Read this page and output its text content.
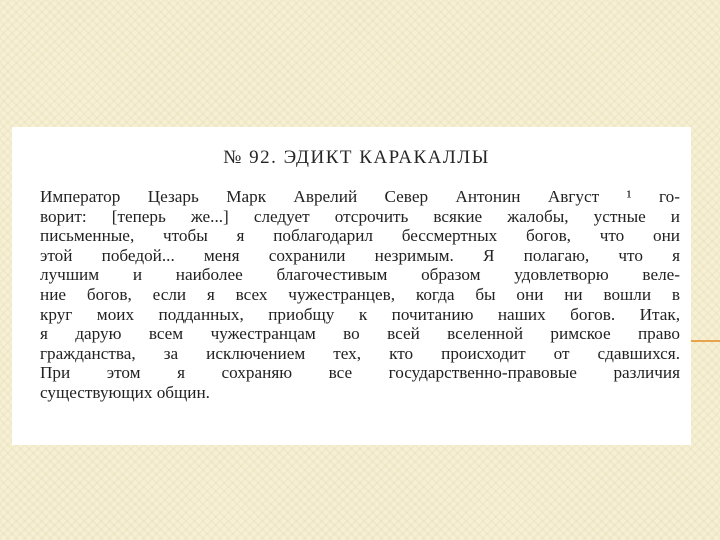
№ 92. ЭДИКТ КАРАКАЛЛЫ
Император Цезарь Марк Аврелий Север Антонин Август ¹ го-
ворит: [теперь же...] следует отсрочить всякие жалобы, устные и
письменные, чтобы я поблагодарил бессмертных богов, что они
этой победой... меня сохранили незримым. Я полагаю, что я
лучшим и наиболее благочестивым образом удовлетворю веле-
ние богов, если я всех чужестранцев, когда бы они ни вошли в
круг моих подданных, приобщу к почитанию наших богов. Итак,
я дарую всем чужестранцам во всей вселенной римское право
гражданства, за исключением тех, кто происходит от сдавшихся.
При этом я сохраняю все государственно-правовые различия
существующих общин.
